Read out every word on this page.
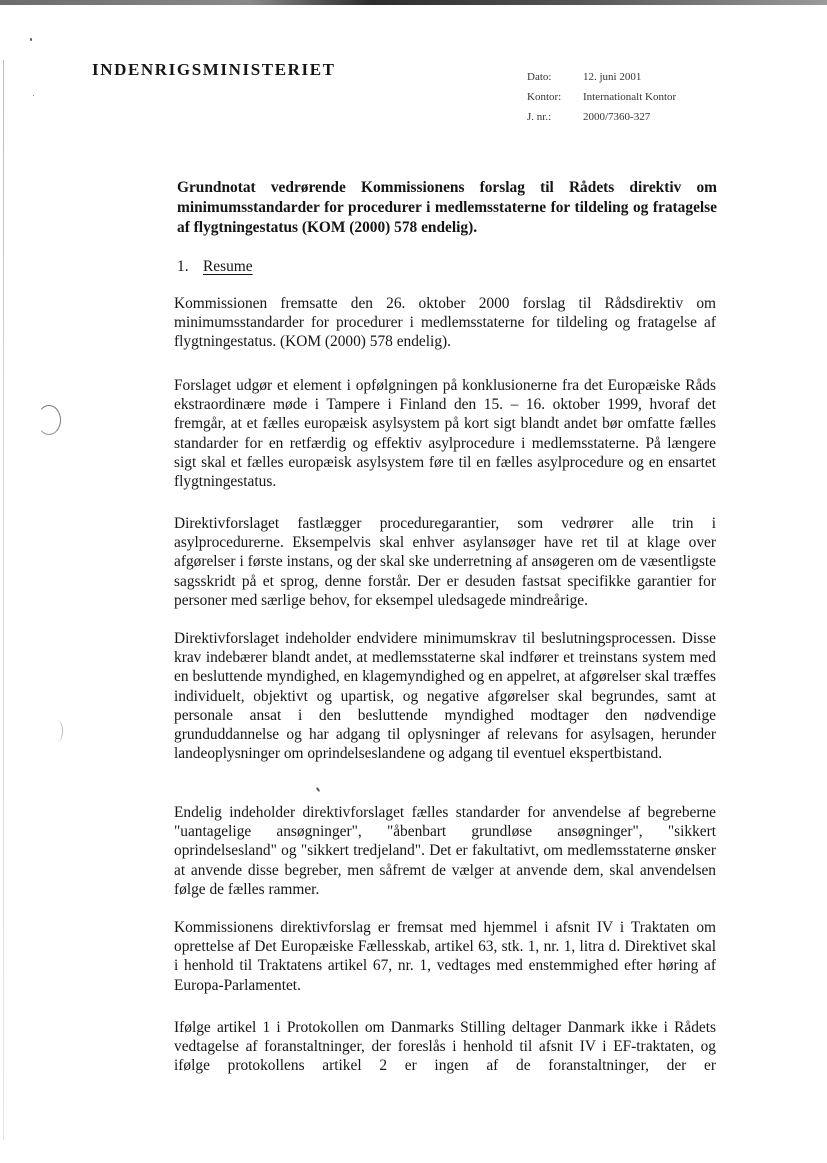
INDENRIGSMINISTERIET	Dato:	12. juni 2001
Kontor: Internationalt Kontor
J. nr.:	2000/7360-327
Grundnotat vedrørende Kommissionens forslag til Rådets direktiv om minimumsstandarder for procedurer i medlemsstaterne for tildeling og fratagelse af flygtningestatus (KOM (2000) 578 endelig).
1. Resume

Kommissionen fremsatte den 26. oktober 2000 forslag til Rådsdirektiv om minimumsstandarder for procedurer i medlemsstaterne for tildeling og fratagelse af flygtningestatus. (KOM (2000) 578 endelig).

Forslaget udgør et element i opfølgningen på konklusionerne fra det Europæiske Råds ekstraordinære møde i Tampere i Finland den 15. – 16. oktober 1999, hvoraf det fremgår, at et fælles europæisk asylsystem på kort sigt blandt andet bør omfatte fælles standarder for en retfærdig og effektiv asylprocedure i medlemsstaterne. På længere sigt skal et fælles europæisk asylsystem føre til en fælles asylprocedure og en ensartet flygtningestatus.

Direktivforslaget fastlægger proceduregarantier, som vedrører alle trin i asylprocedurerne. Eksempelvis skal enhver asylansøger have ret til at klage over afgørelser i første instans, og der skal ske underretning af ansøgeren om de væsentligste sagsskridt på et sprog, denne forstår. Der er desuden fastsat specifikke garantier for personer med særlige behov, for eksempel uledsagede mindreårige.

Direktivforslaget indeholder endvidere minimumskrav til beslutningsprocessen. Disse krav indebærer blandt andet, at medlemsstaterne skal indfører et treinstans system med en besluttende myndighed, en klagemyndighed og en appelret, at afgørelser skal træffes individuelt, objektivt og upartisk, og negative afgørelser skal begrundes, samt at personale ansat i den besluttende myndighed modtager den nødvendige grunduddannelse og har adgang til oplysninger af relevans for asylsagen, herunder landeoplysninger om oprindelseslandene og adgang til eventuel ekspertbistand.

Endelig indeholder direktivforslaget fælles standarder for anvendelse af begreberne "uantagelige ansøgninger", "åbenbart grundløse ansøgninger", "sikkert oprindelsesland" og "sikkert tredjeland". Det er fakultativt, om medlemsstaterne ønsker at anvende disse begreber, men såfremt de vælger at anvende dem, skal anvendelsen følge de fælles rammer.

Kommissionens direktivforslag er fremsat med hjemmel i afsnit IV i Traktaten om oprettelse af Det Europæiske Fællesskab, artikel 63, stk. 1, nr. 1, litra d. Direktivet skal i henhold til Traktatens artikel 67, nr. 1, vedtages med enstemmighed efter høring af Europa-Parlamentet.

Ifølge artikel 1 i Protokollen om Danmarks Stilling deltager Danmark ikke i Rådets vedtagelse af foranstaltninger, der foreslås i henhold til afsnit IV i EF-traktaten, og ifølge protokollens artikel 2 er ingen af de foranstaltninger, der er
